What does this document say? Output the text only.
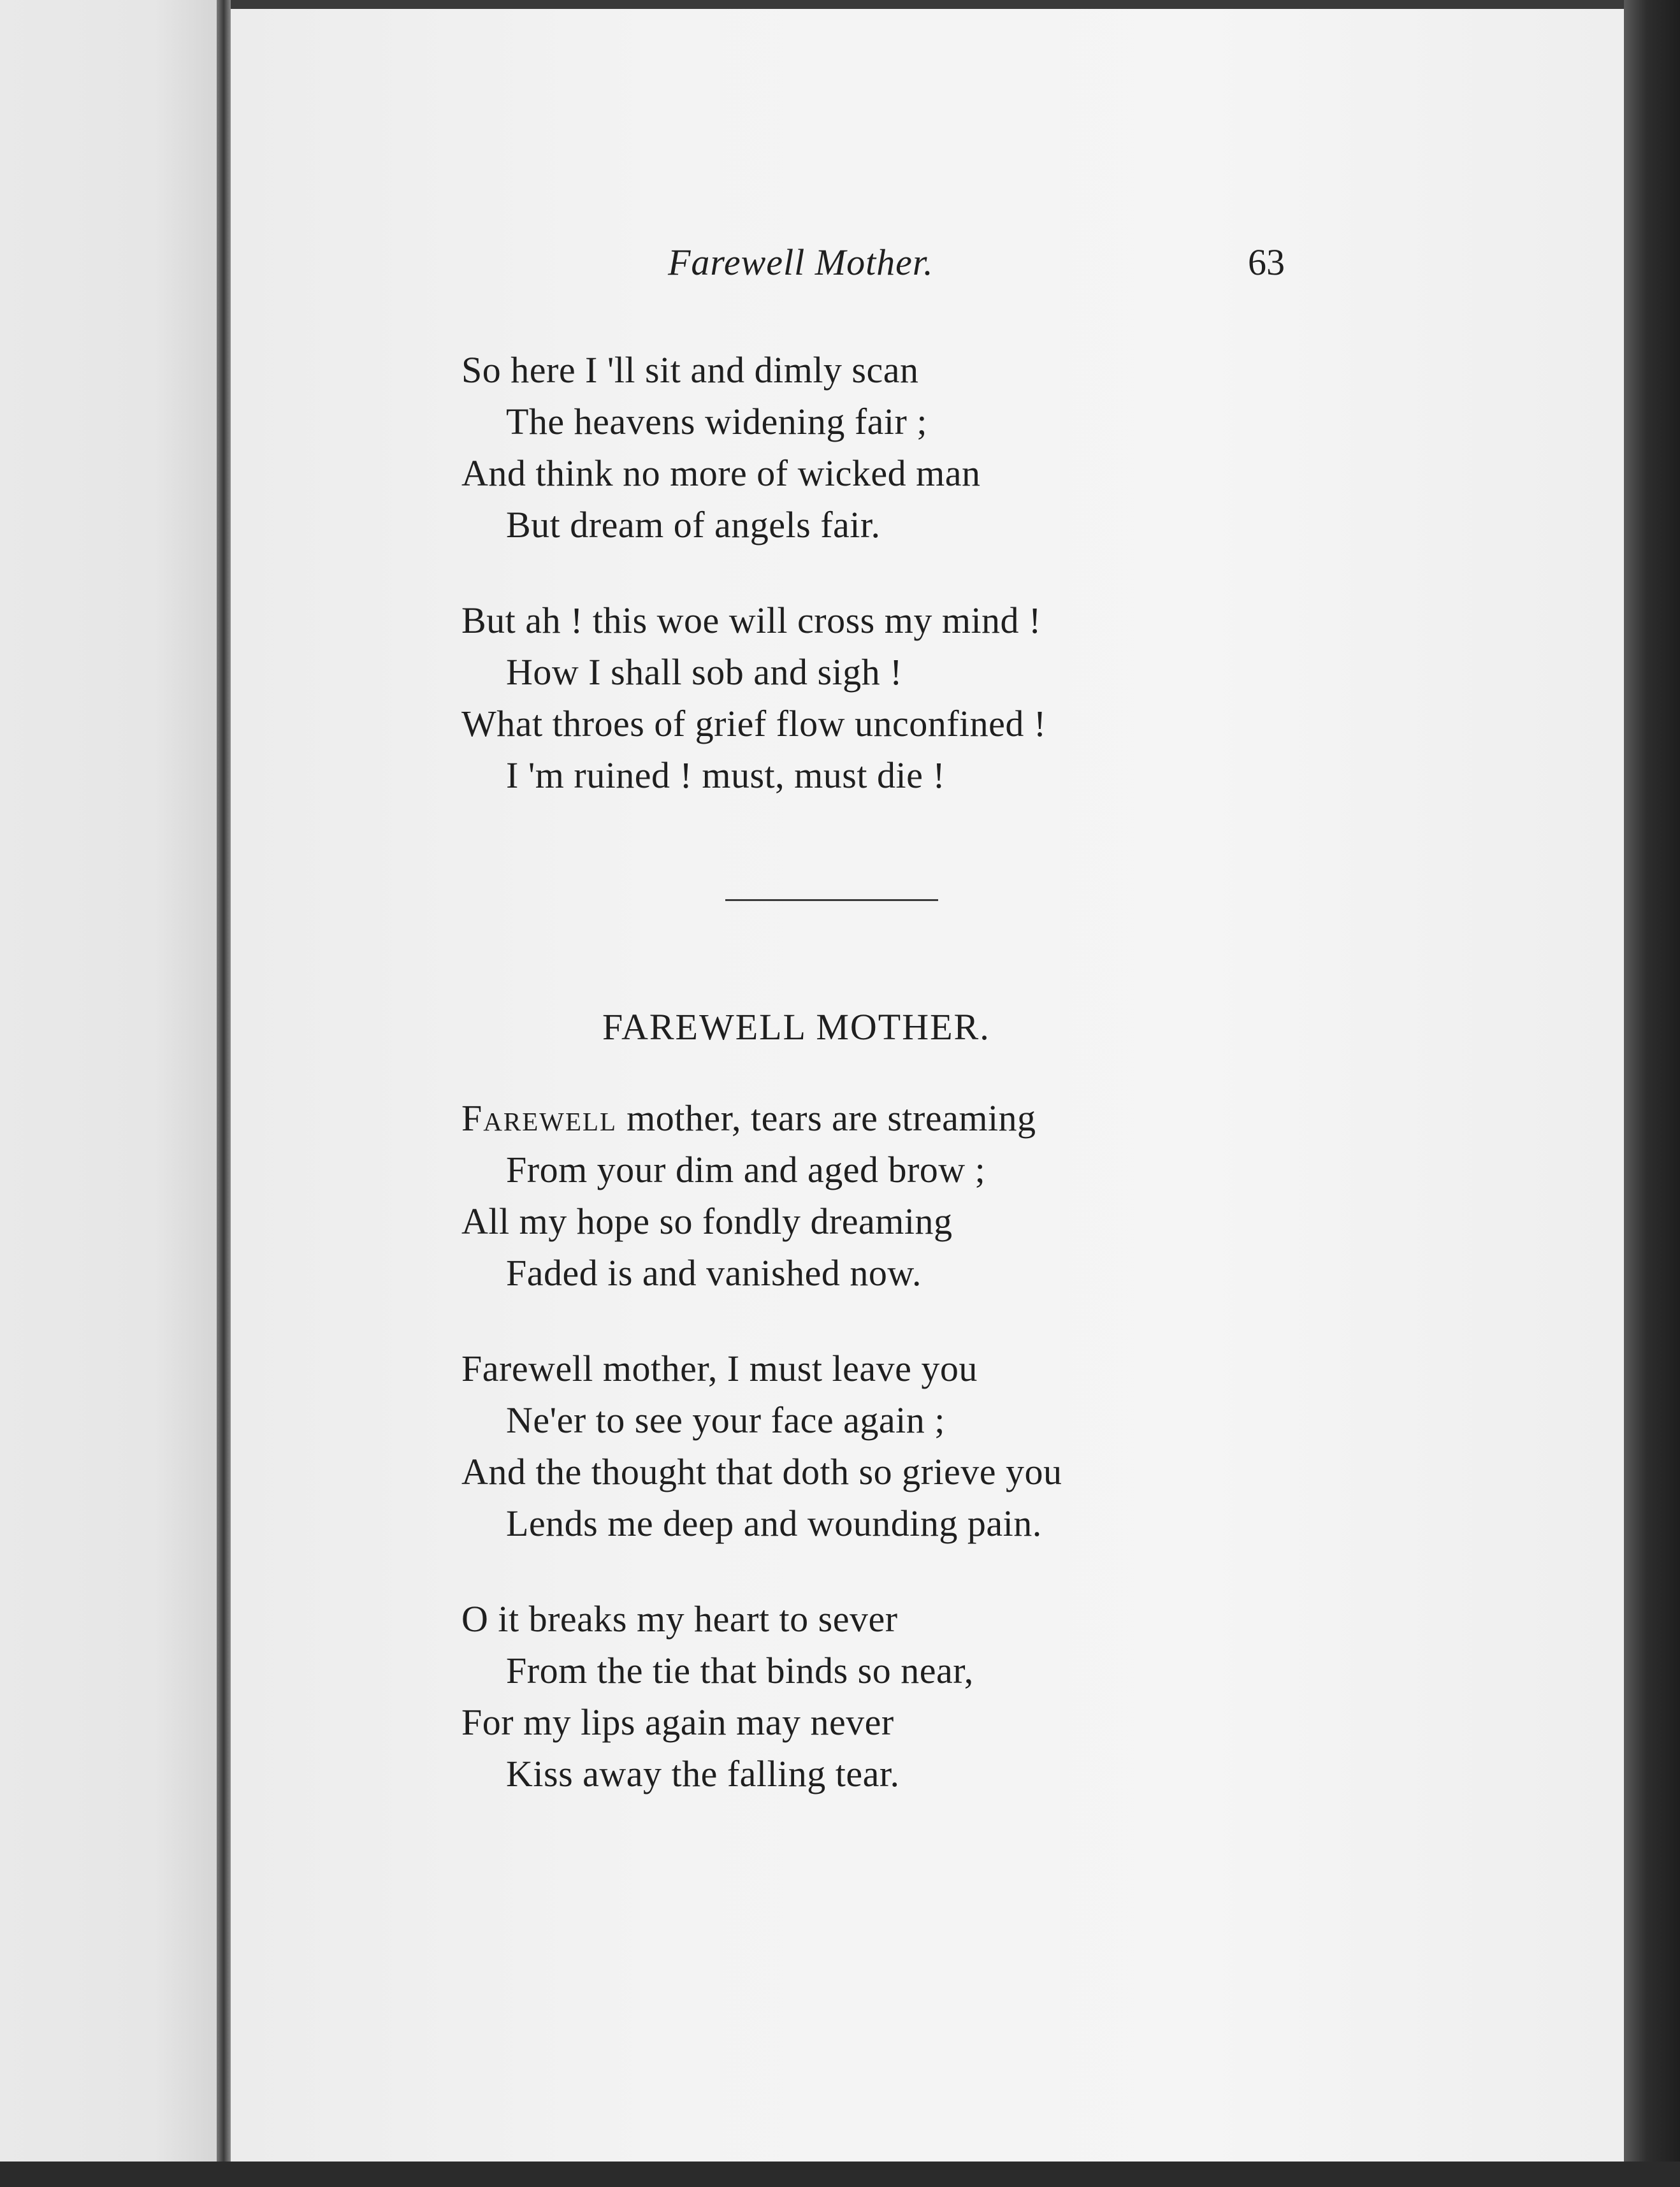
Farewell Mother.	63
So here I 'll sit and dimly scan
The heavens widening fair ;
And think no more of wicked man
But dream of angels fair.
But ah ! this woe will cross my mind !
How I shall sob and sigh !
What throes of grief flow unconfined !
I 'm ruined ! must, must die !
FAREWELL MOTHER.
Farewell mother, tears are streaming
From your dim and aged brow ;
All my hope so fondly dreaming
Faded is and vanished now.
Farewell mother, I must leave you
Ne'er to see your face again ;
And the thought that doth so grieve you
Lends me deep and wounding pain.
O it breaks my heart to sever
From the tie that binds so near,
For my lips again may never
Kiss away the falling tear.
